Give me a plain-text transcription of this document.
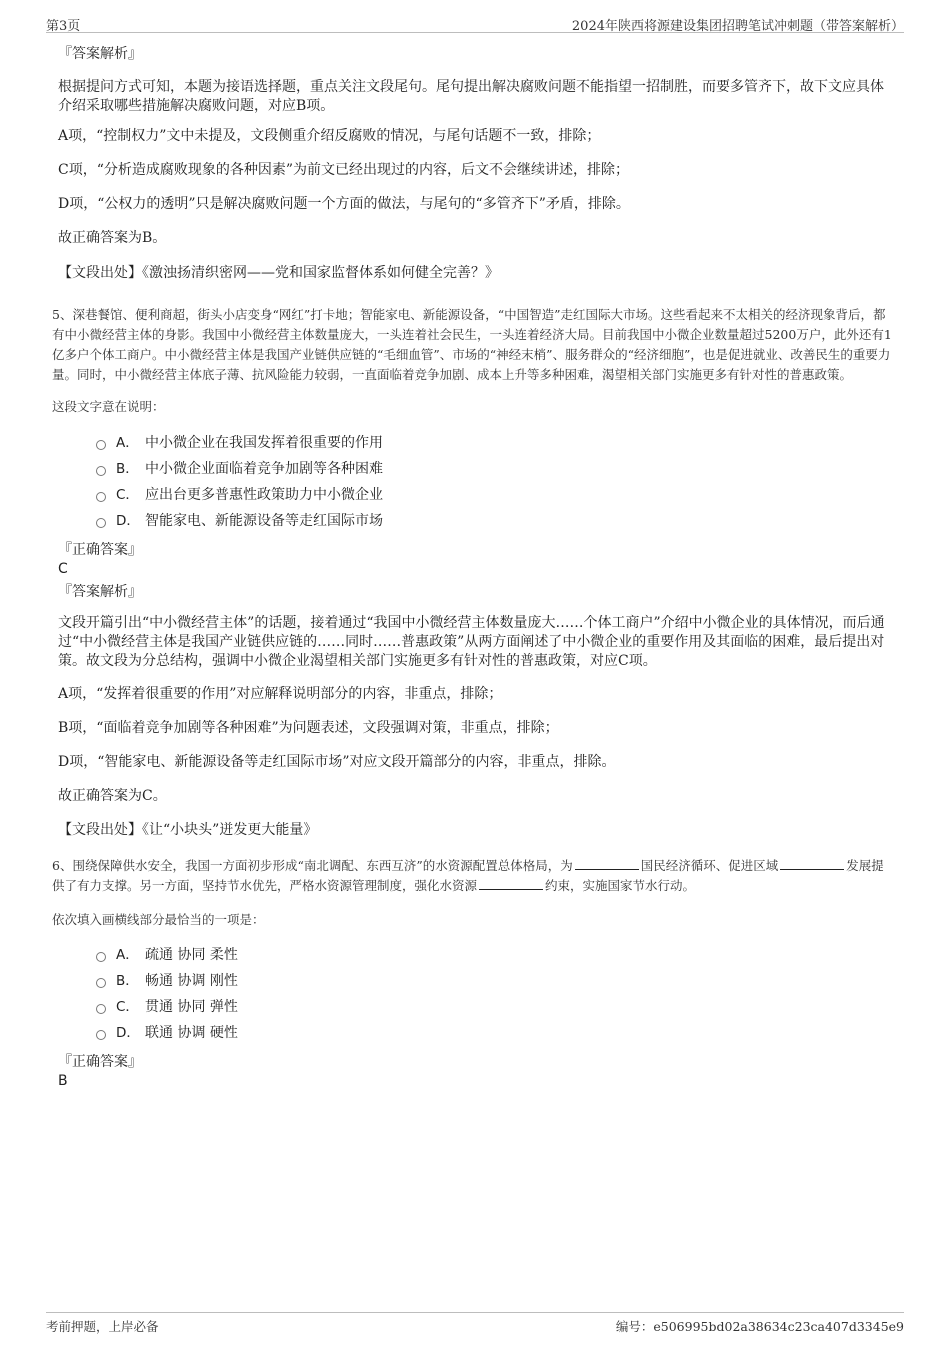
第3页	2024年陕西将源建设集团招聘笔试冲刺题（带答案解析）
『答案解析』
根据提问方式可知，本题为接语选择题，重点关注文段尾句。尾句提出解决腐败问题不能指望一招制胜，而要多管齐下，故下文应具体介绍采取哪些措施解决腐败问题，对应B项。
A项，“控制权力”文中未提及，文段侧重介绍反腐败的情况，与尾句话题不一致，排除；
C项，“分析造成腐败现象的各种因素”为前文已经出现过的内容，后文不会继续讲述，排除；
D项，“公权力的透明”只是解决腐败问题一个方面的做法，与尾句的“多管齐下”矛盾，排除。
故正确答案为B。
【文段出处】《激浊扬清织密网——党和国家监督体系如何健全完善？》
5、深巷餐馆、便利商超，街头小店变身“网红”打卡地；智能家电、新能源设备，“中国智造”走红国际大市场。这些看起来不太相关的经济现象背后，都有中小微经营主体的身影。我国中小微经营主体数量庞大，一头连着社会民生，一头连着经济大局。目前我国中小微企业数量超过5200万户，此外还有1亿多户个体工商户。中小微经营主体是我国产业链供应链的“毛细血管”、市场的“神经末梢”、服务群众的“经济细胞”，也是促进就业、改善民生的重要力量。同时，中小微经营主体底子薄、抗风险能力较弱，一直面临着竞争加剧、成本上升等多种困难，渴望相关部门实施更多有针对性的普惠政策。
这段文字意在说明：
A． 中小微企业在我国发挥着很重要的作用
B． 中小微企业面临着竞争加剧等各种困难
C． 应出台更多普惠性政策助力中小微企业
D． 智能家电、新能源设备等走红国际市场
『正确答案』
C
『答案解析』
文段开篇引出“中小微经营主体”的话题，接着通过“我国中小微经营主体数量庞大……个体工商户”介绍中小微企业的具体情况，而后通过“中小微经营主体是我国产业链供应链的……同时……普惠政策”从两方面阐述了中小微企业的重要作用及其面临的困难，最后提出对策。故文段为分总结构，强调中小微企业渴望相关部门实施更多有针对性的普惠政策，对应C项。
A项，“发挥着很重要的作用”对应解释说明部分的内容，非重点，排除；
B项，“面临着竞争加剧等各种困难”为问题表述，文段强调对策，非重点，排除；
D项，“智能家电、新能源设备等走红国际市场”对应文段开篇部分的内容，非重点，排除。
故正确答案为C。
【文段出处】《让“小块头”迸发更大能量》
6、围绕保障供水安全，我国一方面初步形成“南北调配、东西互济”的水资源配置总体格局，为	国民经济循环、促进区域	发展提供了有力支撑。另一方面，坚持节水优先，严格水资源管理制度，强化水资源	约束，实施国家节水行动。
依次填入画横线部分最恰当的一项是：
A． 疏通 协同 柔性
B． 畅通 协调 刚性
C． 贯通 协同 弹性
D． 联通 协调 硬性
『正确答案』
B
考前押题，上岸必备	编号：e506995bd02a38634c23ca407d3345e9
